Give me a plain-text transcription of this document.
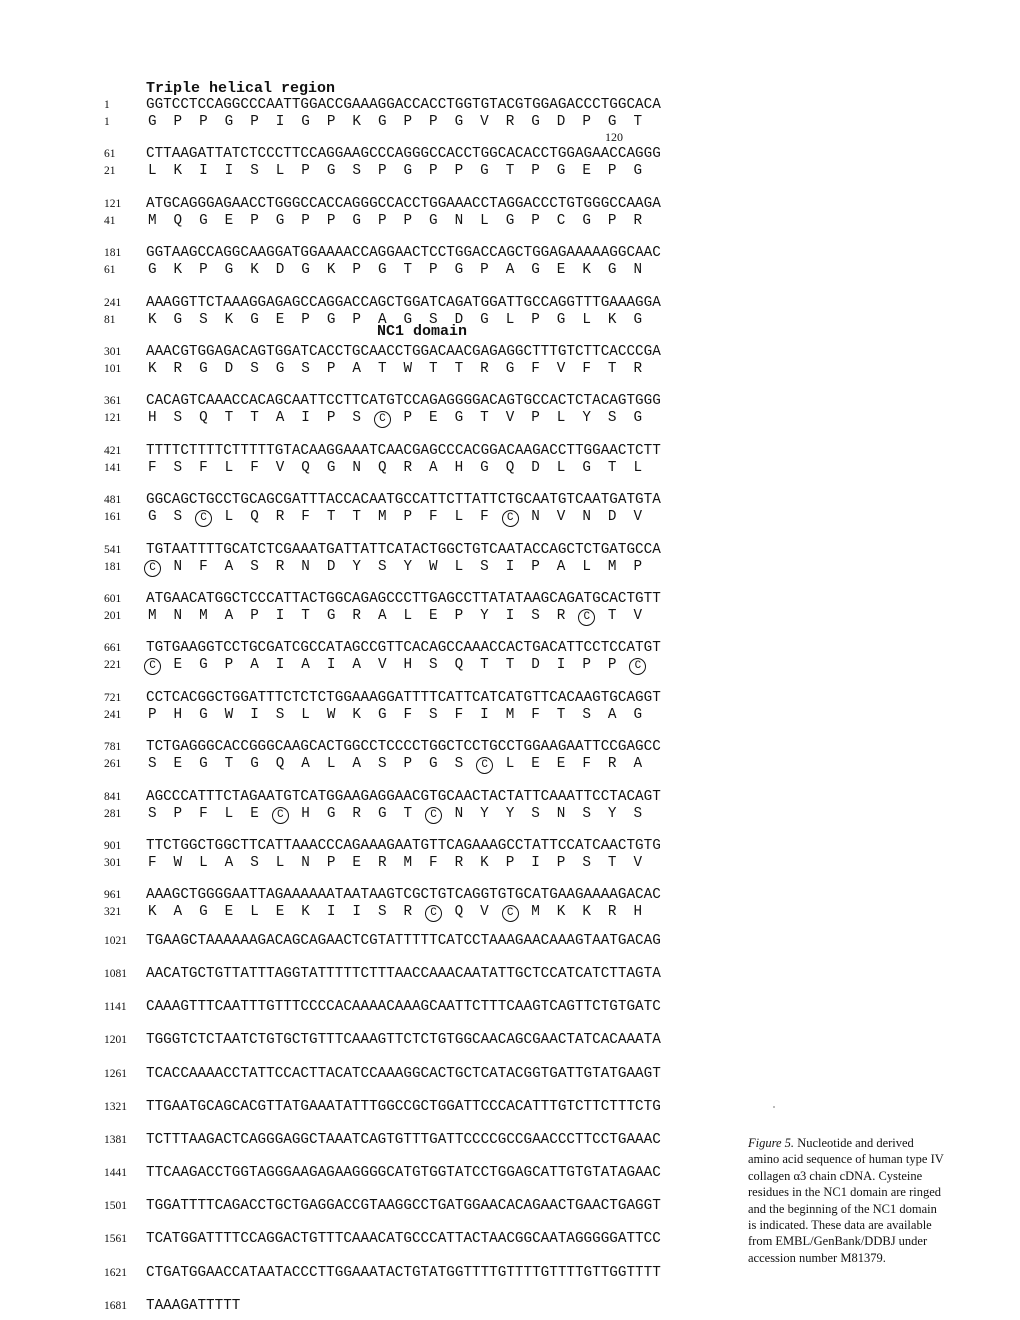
Triple helical region
NC1 domain
120
1	GGTCCTCCAGGCCCAATTGGACCGAAAGGACCACCTGGTGTACGTGGAGACCCTGGCACA
1	G P P G P I G P K G P P G V R G D P G T
61 CTTAAGATTATCTCCCTTCCAGGAAGCCCAGGGCCACCTGGCACACCTGGAGAACCAGGG
21 L K I I S L P G S P G P P G T P G E P G
121 ATGCAGGGAGAACCTGGGCCACCAGGGCCACCTGGAAACCTAGGACCCTGTGGGCCAAGA
41 M Q G E P G P P G P P G N L G P C G P R
181 GGTAAGCCAGGCAAGGATGGAAAACCAGGAACTCCTGGACCAGCTGGAGAAAAAGGCAAC
61 G K P G K D G K P G T P G P A G E K G N
241 AAAGGTTCTAAAGGAGAGCCAGGACCAGCTGGATCAGATGGATTGCCAGGTTTGAAAGGA
81 K G S K G E P G P A G S D G L P G L K G
301 AAACGTGGAGACAGTGGATCACCTGCAACCTGGACAACGAGAGGCTTTGTCTTCACCCGA
101 K R G D S G S P A T W T T R G F V F T R
361 CACAGTCAAACCACAGCAATTCCTTCATGTCCAGAGGGGACAGTGCCACTCTACAGTGGG
121 H S Q T T A I P S C P E G T V P L Y S G
421 TTTTCTTTTCTTTTTGTACAAGGAAATCAACGAGCCCACGGACAAGACCTTGGAACTCTT
141 F S F L F V Q G N Q R A H G Q D L G T L
481 GGCAGCTGCCTGCAGCGATTTACCACAATGCCATTCTTATTCTGCAATGTCAATGATGTA
161 G S C L Q R F T T M P F L F C N V N D V
541 TGTAATTTTGCATCTCGAAATGATTATTCATACTGGCTGTCAATACCAGCTCTGATGCCA
181	C N F A S R N D Y S Y W L S I P A L M P
601 ATGAACATGGCTCCCATTACTGGCAGAGCCCTTGAGCCTTATATAAGCAGATGCACTGTT
201 M N M A P I T G R A L E P Y I S R C T V
661 TGTGAAGGTCCTGCGATCGCCATAGCCGTTCACAGCCAAACCACTGACATTCCTCCATGT
221	C E G P A I A I A V H S Q T T D I P P C
721 CCTCACGGCTGGATTTCTCTCTGGAAAGGATTTTCATTCATCATGTTCACAAGTGCAGGT
241 P H G W I S L W K G F S F I M F T S A G
781 TCTGAGGGCACCGGGCAAGCACTGGCCTCCCCTGGCTCCTGCCTGGAAGAATTCCGAGCC
261 S E G T G Q A L A S P G S C L E E F R A
841 AGCCCATTTCTAGAATGTCATGGAAGAGGAACGTGCAACTACTATTCAAATTCCTACAGT
281 S P F L E C H G R G T C N Y Y S N S Y S
901 TTCTGGCTGGCTTCATTAAACCCAGAAAGAATGTTCAGAAAGCCTATTCCATCAACTGTG
301 F W L A S L N P E R M F R K P I P S T V
961 AAAGCTGGGGAATTAGAAAAAATAATAAGTCGCTGTCAGGTGTGCATGAAGAAAAGACAC
321 K A G E L E K I I S R C Q V C M K K R H
1021 TGAAGCTAAAAAAGACAGCAGAACTCGTATTTTTCATCCTAAAGAACAAAGTAATGACAG
1081 AACATGCTGTTATTTAGGTATTTTTCTTTAACCAAACAATATTGCTCCATCATCTTAGTA
1141 CAAAGTTTCAATTTGTTTCCCCACAAAACAAAGCAATTCTTTCAAGTCAGTTCTGTGATC
1201 TGGGTCTCTAATCTGTGCTGTTTCAAAGTTCTCTGTGGCAACAGCGAACTATCACAAATA
1261 TCACCAAAACCTATTCCACTTACATCCAAAGGCACTGCTCATACGGTGATTGTATGAAGT
1321 TTGAATGCAGCACGTTATGAAATATTTGGCCGCTGGATTCCCACATTTGTCTTCTTTCTG
1381 TCTTTAAGACTCAGGGAGGCTAAATCAGTGTTTGATTCCCCGCCGAACCCTTCCTGAAAC
1441 TTCAAGACCTGGTAGGGAAGAGAAGGGGCATGTGGTATCCTGGAGCATTGTGTATAGAAC
1501 TGGATTTTCAGACCTGCTGAGGACCGTAAGGCCTGATGGAACACAGAACTGAACTGAGGT
1561 TCATGGATTTTCCAGGACTGTTTCAAACATGCCCATTACTAACGGCAATAGGGGGATTCC
1621 CTGATGGAACCATAATACCCTTGGAAATACTGTATGGTTTTGTTTTGTTTTGTTGGTTTT
1681 TAAAGATTTTT
Figure 5. Nucleotide and derived amino acid sequence of human type IV collagen α3 chain cDNA. Cysteine residues in the NC1 domain are ringed and the beginning of the NC1 domain is indicated. These data are available from EMBL/GenBank/DDBJ under accession number M81379.
